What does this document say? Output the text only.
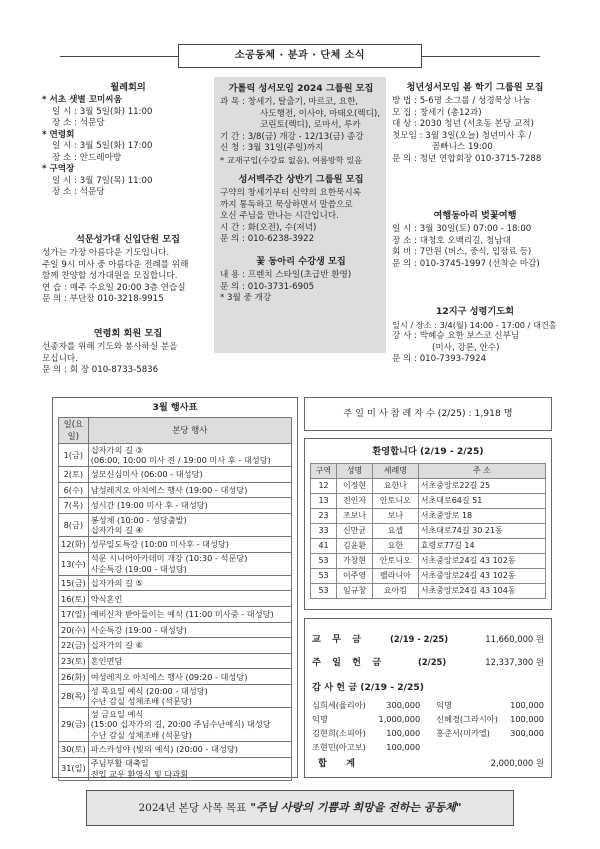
소공동체 · 분과 · 단체 소식
월례회의
* 서초 샛별 꼬미씨움
일 시 : 3월 5일(화) 11:00
장 소 : 석문당
* 연령회
일 시 : 3월 5일(화) 17:00
장 소 : 안드레아방
* 구역장
일 시 : 3월 7일(목) 11:00
장 소 : 석문당
석문성가대 신입단원 모집
성가는 가장 아름다운 기도입니다.
주일 9시 미사 중 아름다운 전례를 위해
함께 찬양할 성가대원을 모집합니다.
연 습 : 매주 수요일 20:00 3층 연습실
문 의 : 부단장 010-3218-9915
연령회 회원 모집
선종자를 위해 기도와 봉사하실 분을
모십니다.
문 의 : 회 장 010-8733-5836
가톨릭 성서모임 2024 그룹원 모집
과 목 : 창세기, 탈출기, 마르코, 요한,
사도행전, 이사야, 마태오(렉디),
코린토(렉디), 로마서, 루카
기 간 : 3/8(금) 개강 - 12/13(금) 종강
신 청 : 3월 31일(주일)까지
* 교재구입(수강료 없음), 여름방학 있음
성서백주간 상반기 그룹원 모집
구약의 창세기부터 신약의 요한묵시록
까지 통독하고 묵상하면서 말씀으로
오신 주님을 만나는 시간입니다.
시 간 : 화(오전), 수(저녁)
문 의 : 010-6238-3922
꽃 동아리 수강생 모집
내 용 : 프렌치 스타일(초급반 환영)
문 의 : 010-3731-6905
* 3월 중 개강
청년성서모임 봄 학기 그룹원 모집
방 법 : 5-6명 소그룹 / 성경묵상 나눔
모 집 : 창세기 (총12과)
대 상 : 2030 청년 (서초동 본당 교적)
첫모임 : 3월 3일(오늘) 청년미사 후 /
꼼빠니스 19:00
문 의 : 청년 연합회장 010-3715-7288
여행동아리 벚꽃여행
일 시 : 3월 30일(토) 07:00 - 18:00
장 소 : 대청호 오백리길, 청남대
회 비 : 7만원 (버스, 중식, 입장료 등)
문 의 : 010-3745-1997 (선착순 마감)
12지구 성령기도회
일시 / 장소 : 3/4(월) 14:00 - 17:00 / 대건홀
강 사 : 박혜승 요한 보스코 신부님
(미사, 강론, 안수)
문 의 : 010-7393-7924
3월 행사표
일(요일)	본당 행사
1(금)	십자가의 길 ③
(06:00, 10:00 미사 전 / 19:00 미사 후 - 대성당)

2(토)	성모신심미사 (06:00 - 대성당)

6(수)	남성레지오 아치에스 행사 (19:00 - 대성당)

7(목)	성시간 (19:00 미사 후 - 대성당)

8(금)	봉성체 (10:00 - 성당출발)
십자가의 길 ④

12(화)	성무일도특강 (10:00 미사후 - 대성당)

13(수)	석문 시니어아카데미 개강 (10:30 - 석문당)
사순특강 (19:00 - 대성당)

15(금)	십자가의 길 ⑤

16(토)	약식혼인

17(일)	예비신자 받아들이는 예식 (11:00 미사중 - 대성당)

20(수)	사순특강 (19:00 - 대성당)

22(금)	십자가의 길 ⑥

23(토)	혼인면담

26(화)	여성레지오 아치에스 행사 (09:20 - 대성당)

28(목)	성 목요일 예식 (20:00 - 대성당)
수난 감실 성체조배 (석문당)

29(금)	성 금요일 예식
(15:00 십자가의 길, 20:00 주님수난예식) 대성당
수난 감실 성체조배 (석문당)

30(토)	파스카성야 (빛의 예식) (20:00 - 대성당)

31(일)	주님부활 대축일
전입 교우 환영식 및 다과회
주 일 미 사 참 례 자 수 (2/25) : 1,918 명
환영합니다 (2/19 - 2/25)
구역	성명	세례명	주 소
12	이정현	요한나	서초중앙로22길 25
13	전인자	안토니오	서초대로64길 51
23	조보나	보나	서초중앙로 18
33	신만균	요셉	서초대로74길 30 21동
41	김윤환	요한	효령로77길 14
53	가창현	안토니오	서초중앙로24길 43 102동
53	이주영	펠라니아	서초중앙로24길 43 102동
53	임규창	요아킴	서초중앙로24길 43 104동
교 무 금	(2/19 - 2/25)	11,660,000 원
주 일 헌 금	(2/25)	12,337,300 원
감 사 헌 금 (2/19 - 2/25)
심희세(율리아)	300,000	익명	100,000
익명	1,000,000	신혜경(그라시아)	100,000
김현희(소피아)	100,000	홍준서(미카엘)	300,000
조현민(아고보)	100,000		
합 계	2,000,000 원
2024년 본당 사목 목표 "주님 사랑의 기쁨과 희망을 전하는 공동체"
